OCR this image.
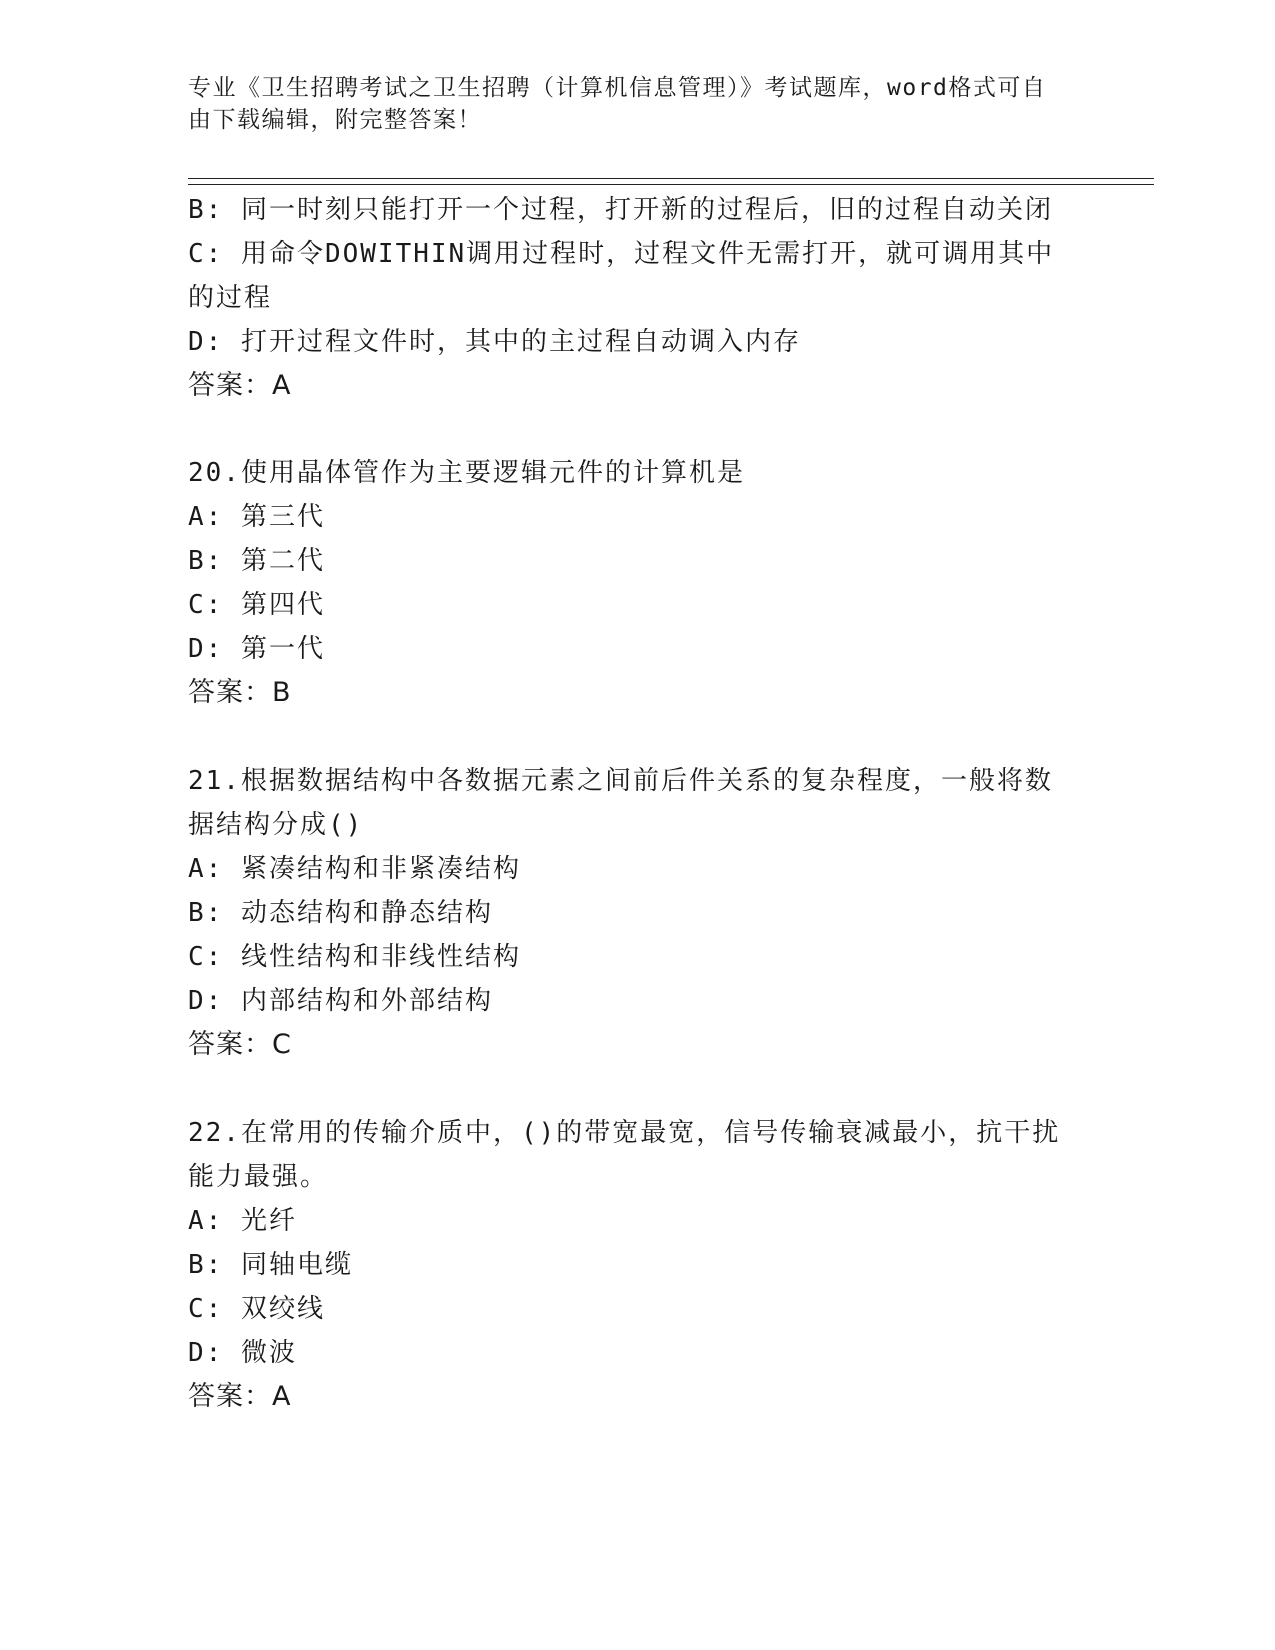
专业《卫生招聘考试之卫生招聘（计算机信息管理）》考试题库，word格式可自
由下载编辑，附完整答案！
B: 同一时刻只能打开一个过程，打开新的过程后，旧的过程自动关闭
C: 用命令DOWITHIN调用过程时，过程文件无需打开，就可调用其中
的过程
D: 打开过程文件时，其中的主过程自动调入内存
答案：A
20.使用晶体管作为主要逻辑元件的计算机是
A: 第三代
B: 第二代
C: 第四代
D: 第一代
答案：B
21.根据数据结构中各数据元素之间前后件关系的复杂程度，一般将数
据结构分成()
A: 紧凑结构和非紧凑结构
B: 动态结构和静态结构
C: 线性结构和非线性结构
D: 内部结构和外部结构
答案：C
22.在常用的传输介质中，()的带宽最宽，信号传输衰减最小，抗干扰
能力最强。
A: 光纤
B: 同轴电缆
C: 双绞线
D: 微波
答案：A
